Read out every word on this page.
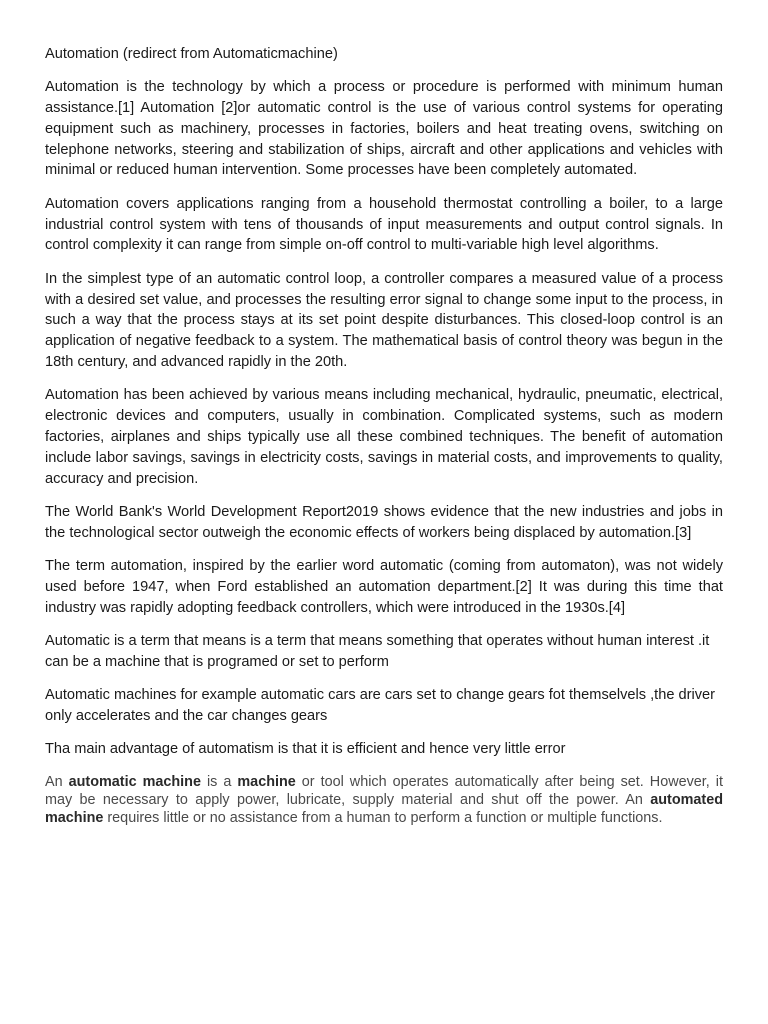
Automation (redirect from Automaticmachine)

Automation is the technology by which a process or procedure is performed with minimum human assistance.[1] Automation [2]or automatic control is the use of various control systems for operating equipment such as machinery, processes in factories, boilers and heat treating ovens, switching on telephone networks, steering and stabilization of ships, aircraft and other applications and vehicles with minimal or reduced human intervention. Some processes have been completely automated.

Automation covers applications ranging from a household thermostat controlling a boiler, to a large industrial control system with tens of thousands of input measurements and output control signals. In control complexity it can range from simple on-off control to multi-variable high level algorithms.

In the simplest type of an automatic control loop, a controller compares a measured value of a process with a desired set value, and processes the resulting error signal to change some input to the process, in such a way that the process stays at its set point despite disturbances. This closed-loop control is an application of negative feedback to a system. The mathematical basis of control theory was begun in the 18th century, and advanced rapidly in the 20th.

Automation has been achieved by various means including mechanical, hydraulic, pneumatic, electrical, electronic devices and computers, usually in combination. Complicated systems, such as modern factories, airplanes and ships typically use all these combined techniques. The benefit of automation include labor savings, savings in electricity costs, savings in material costs, and improvements to quality, accuracy and precision.

The World Bank's World Development Report2019 shows evidence that the new industries and jobs in the technological sector outweigh the economic effects of workers being displaced by automation.[3]

The term automation, inspired by the earlier word automatic (coming from automaton), was not widely used before 1947, when Ford established an automation department.[2] It was during this time that industry was rapidly adopting feedback controllers, which were introduced in the 1930s.[4]

Automatic is a term that means is a term that means something that operates without human interest .it can be a machine that is programed or set to perform

Automatic machines for example automatic cars are cars set to change gears fot themselvels ,the driver only accelerates and the car changes gears

Tha main advantage of automatism is that it is efficient and hence very little error

An automatic machine is a machine or tool which operates automatically after being set. However, it may be necessary to apply power, lubricate, supply material and shut off the power. An automated machine requires little or no assistance from a human to perform a function or multiple functions.
